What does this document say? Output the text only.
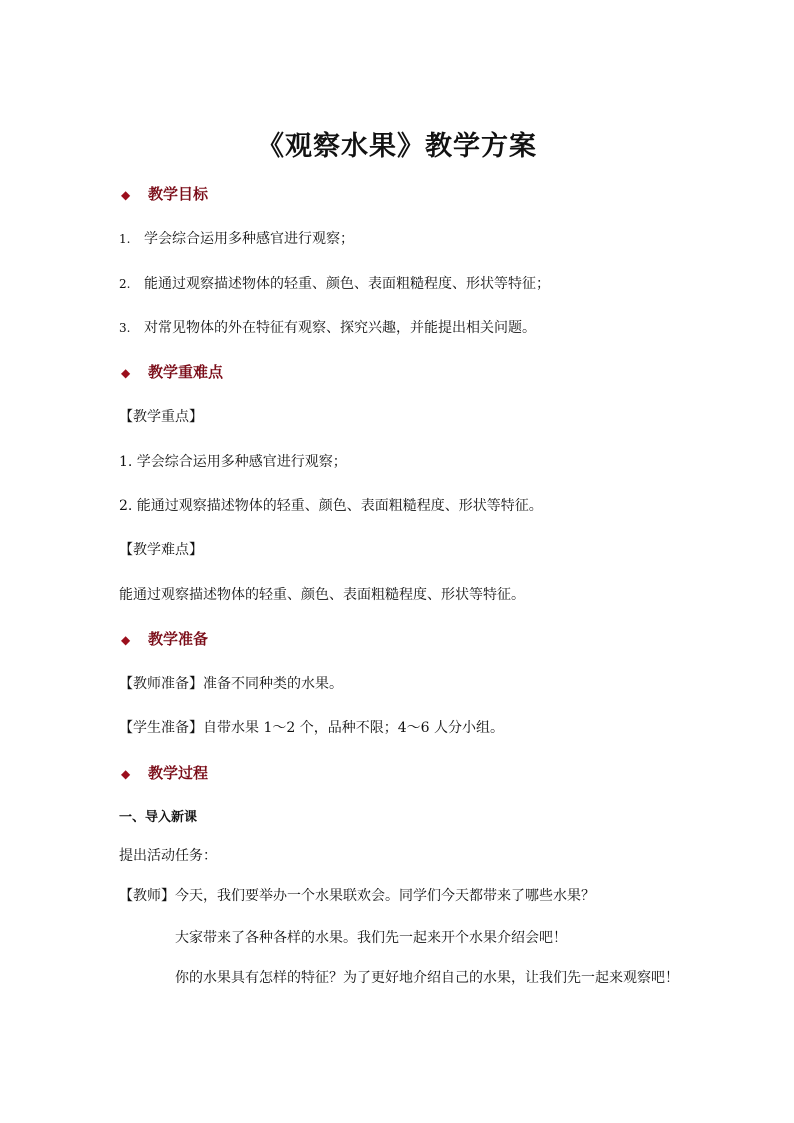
《观察水果》教学方案
◆ 教学目标
1. 学会综合运用多种感官进行观察；
2. 能通过观察描述物体的轻重、颜色、表面粗糙程度、形状等特征；
3. 对常见物体的外在特征有观察、探究兴趣，并能提出相关问题。
◆ 教学重难点
【教学重点】
1. 学会综合运用多种感官进行观察；
2. 能通过观察描述物体的轻重、颜色、表面粗糙程度、形状等特征。
【教学难点】
能通过观察描述物体的轻重、颜色、表面粗糙程度、形状等特征。
◆ 教学准备
【教师准备】准备不同种类的水果。
【学生准备】自带水果 1～2 个，品种不限；4～6 人分小组。
◆ 教学过程
一、导入新课
提出活动任务：
【教师】今天，我们要举办一个水果联欢会。同学们今天都带来了哪些水果？
大家带来了各种各样的水果。我们先一起来开个水果介绍会吧！
你的水果具有怎样的特征？为了更好地介绍自己的水果，让我们先一起来观察吧！
